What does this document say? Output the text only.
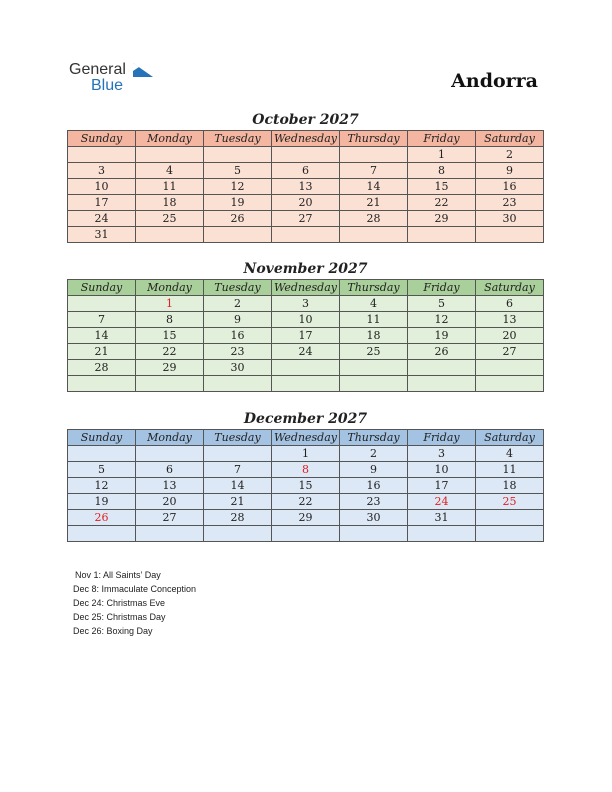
General
Blue	Andorra
October 2027
Sunday	Monday	Tuesday	Wednesday	Thursday	Friday	Saturday
					1	2
3	4	5	6	7	8	9
10	11	12	13	14	15	16
17	18	19	20	21	22	23
24	25	26	27	28	29	30
31						
November 2027
Sunday	Monday	Tuesday	Wednesday	Thursday	Friday	Saturday
	1	2	3	4	5	6
7	8	9	10	11	12	13
14	15	16	17	18	19	20
21	22	23	24	25	26	27
28	29	30				

December 2027
Sunday	Monday	Tuesday	Wednesday	Thursday	Friday	Saturday
			1	2	3	4
5	6	7	8	9	10	11
12	13	14	15	16	17	18
19	20	21	22	23	24	25
26	27	28	29	30	31	

Nov 1: All Saints’ Day
Dec 8: Immaculate Conception
Dec 24: Christmas Eve
Dec 25: Christmas Day
Dec 26: Boxing Day
